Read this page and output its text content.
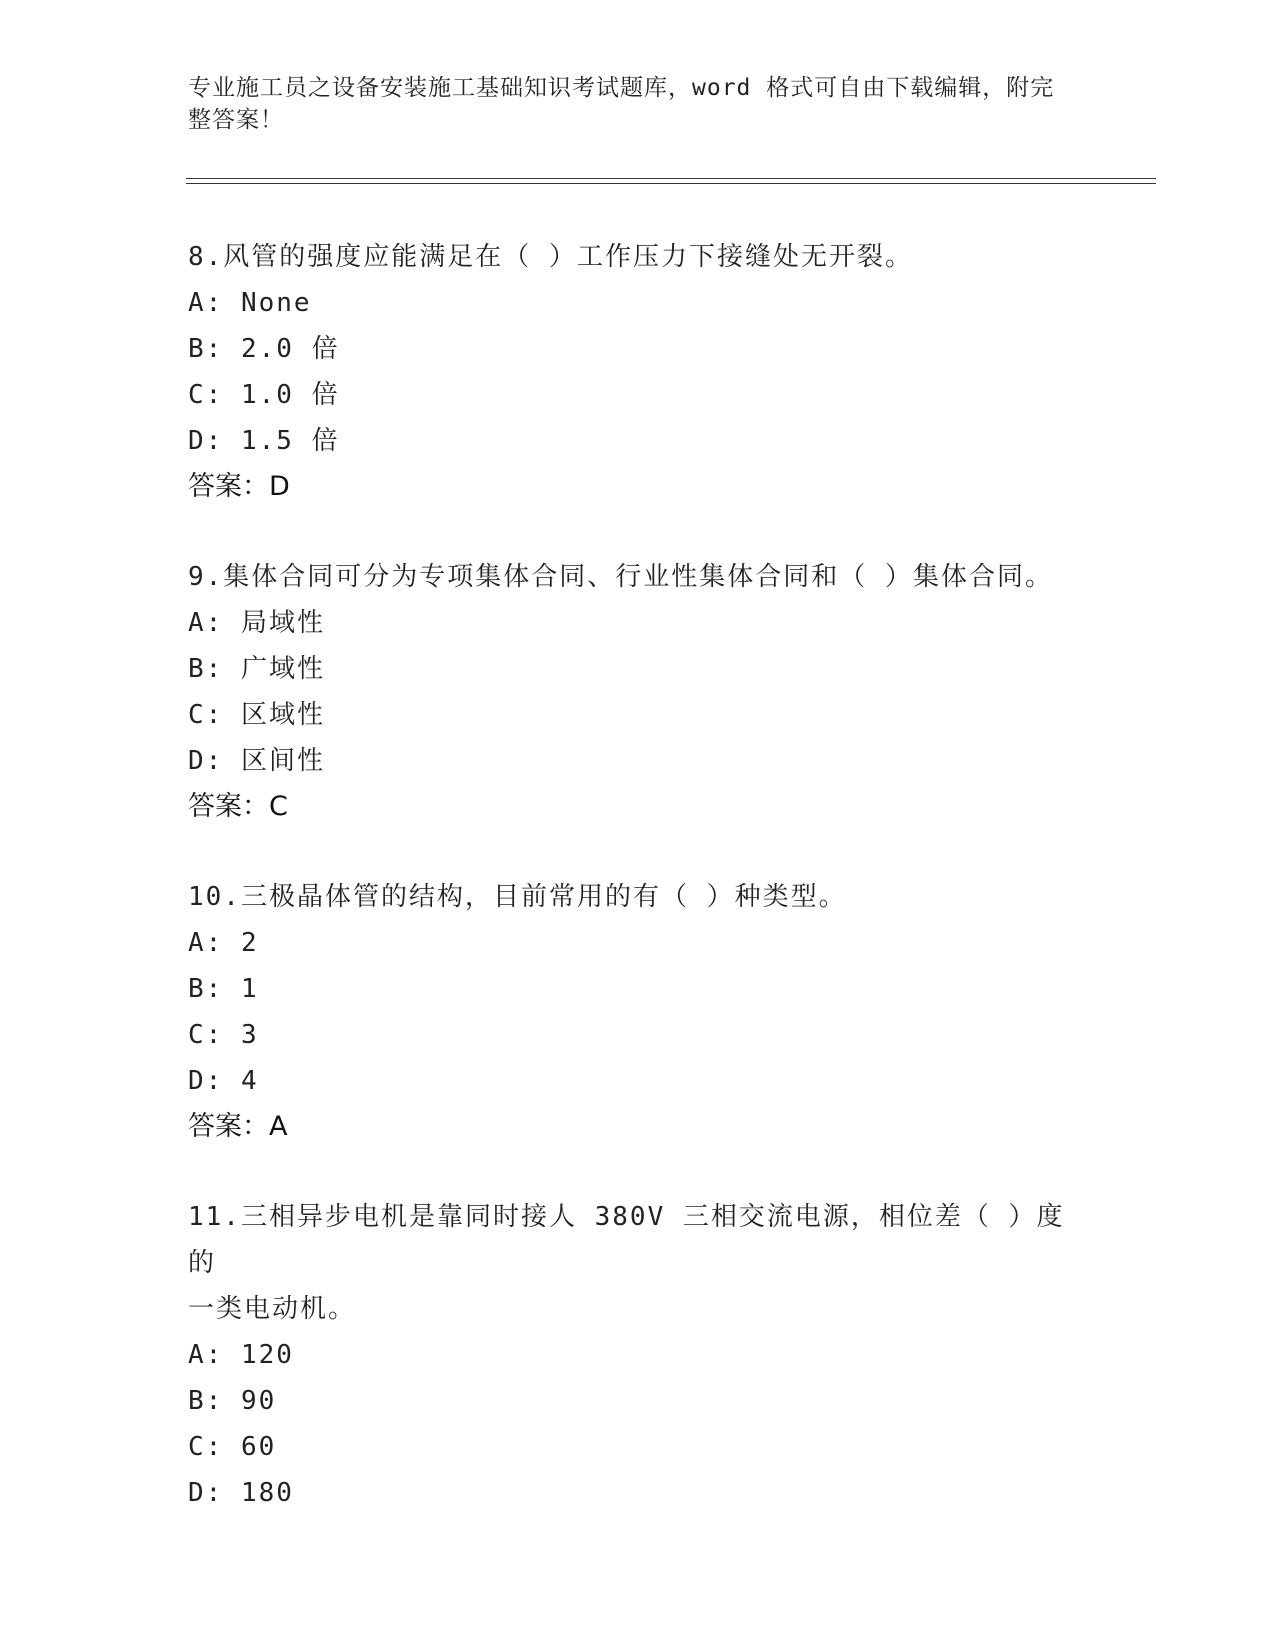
专业施工员之设备安装施工基础知识考试题库，word 格式可自由下载编辑，附完
整答案！

8.风管的强度应能满足在（ ）工作压力下接缝处无开裂。

A: None

B: 2.0 倍

C: 1.0 倍

D: 1.5 倍

答案：D

9.集体合同可分为专项集体合同、行业性集体合同和（ ）集体合同。

A: 局域性

B: 广域性

C: 区域性

D: 区间性

答案：C

10.三极晶体管的结构，目前常用的有（ ）种类型。

A: 2

B: 1

C: 3

D: 4

答案：A

11.三相异步电机是靠同时接人 380V 三相交流电源，相位差（ ）度的

一类电动机。

A: 120

B: 90

C: 60

D: 180
